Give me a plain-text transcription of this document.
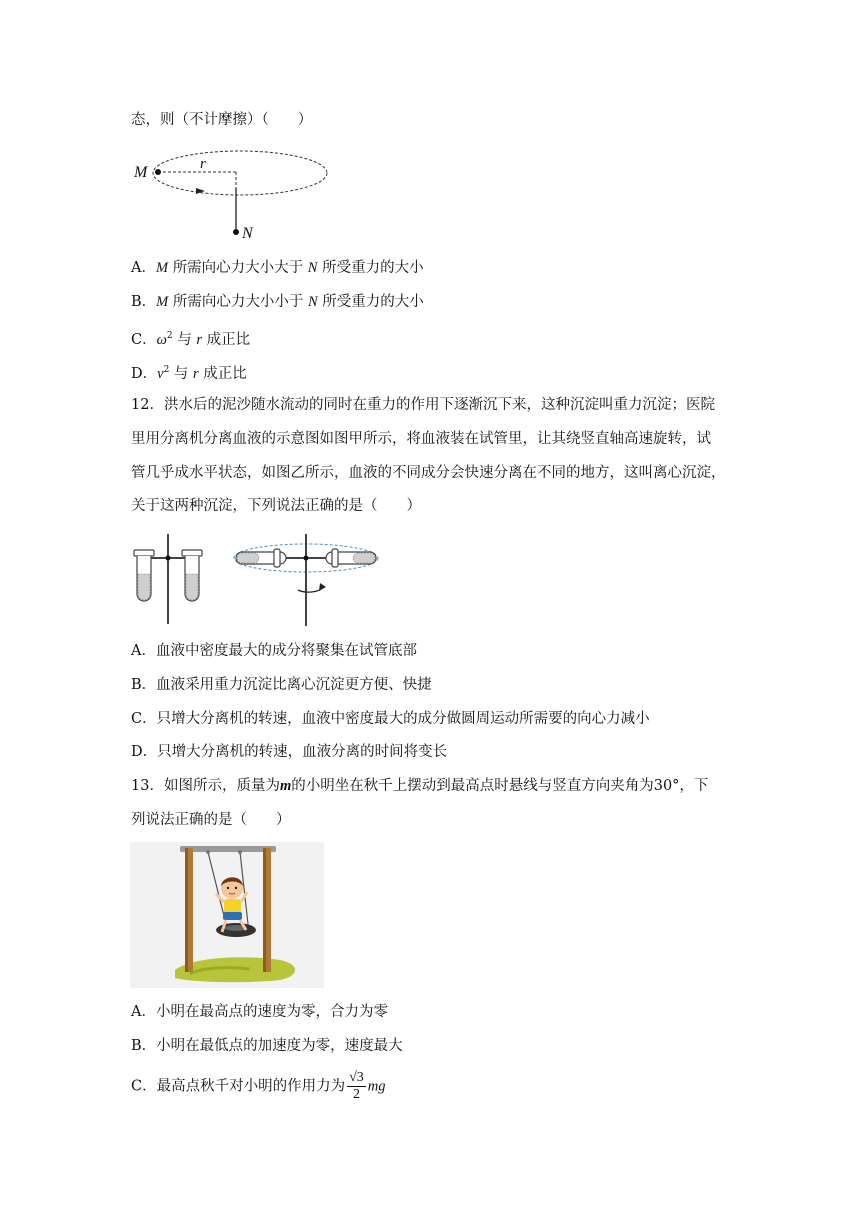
态，则（不计摩擦）（　　）
M	r
N
A．M 所需向心力大小大于 N 所受重力的大小
B．M 所需向心力大小小于 N 所受重力的大小
C．$\omega^2$ 与 r 成正比
D．$v^2$ 与 r 成正比
12．洪水后的泥沙随水流动的同时在重力的作用下逐渐沉下来，这种沉淀叫重力沉淀；医院
里用分离机分离血液的示意图如图甲所示，将血液装在试管里，让其绕竖直轴高速旋转，试
管几乎成水平状态，如图乙所示，血液的不同成分会快速分离在不同的地方，这叫离心沉淀，
关于这两种沉淀，下列说法正确的是（　　）
A．血液中密度最大的成分将聚集在试管底部
B．血液采用重力沉淀比离心沉淀更方便、快捷
C．只增大分离机的转速，血液中密度最大的成分做圆周运动所需要的向心力减小
D．只增大分离机的转速，血液分离的时间将变长
13．如图所示，质量为m的小明坐在秋千上摆动到最高点时悬线与竖直方向夹角为30°，下
列说法正确的是（　　）
A．小明在最高点的速度为零，合力为零
B．小明在最低点的加速度为零，速度最大
C．最高点秋千对小明的作用力为 $\frac{√3}{2}$ mg
